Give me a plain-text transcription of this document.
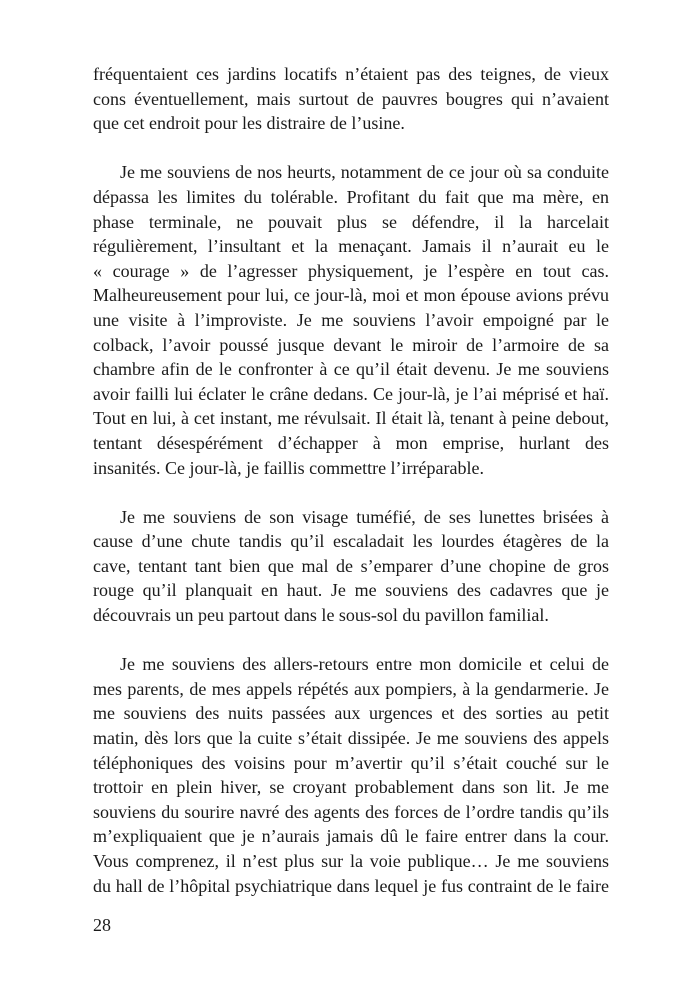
fréquentaient ces jardins locatifs n’étaient pas des teignes, de vieux
cons éventuellement, mais surtout de pauvres bougres qui n’avaient
que cet endroit pour les distraire de l’usine.
Je me souviens de nos heurts, notamment de ce jour où sa conduite
dépassa les limites du tolérable. Profitant du fait que ma mère, en
phase terminale, ne pouvait plus se défendre, il la harcelait
régulièrement, l’insultant et la menaçant. Jamais il n’aurait eu le
« courage » de l’agresser physiquement, je l’espère en tout cas.
Malheureusement pour lui, ce jour-là, moi et mon épouse avions prévu
une visite à l’improviste. Je me souviens l’avoir empoigné par le
colback, l’avoir poussé jusque devant le miroir de l’armoire de sa
chambre afin de le confronter à ce qu’il était devenu. Je me souviens
avoir failli lui éclater le crâne dedans. Ce jour-là, je l’ai méprisé et haï.
Tout en lui, à cet instant, me révulsait. Il était là, tenant à peine debout,
tentant désespérément d’échapper à mon emprise, hurlant des
insanités. Ce jour-là, je faillis commettre l’irréparable.
Je me souviens de son visage tuméfié, de ses lunettes brisées à
cause d’une chute tandis qu’il escaladait les lourdes étagères de la
cave, tentant tant bien que mal de s’emparer d’une chopine de gros
rouge qu’il planquait en haut. Je me souviens des cadavres que je
découvrais un peu partout dans le sous-sol du pavillon familial.
Je me souviens des allers-retours entre mon domicile et celui de
mes parents, de mes appels répétés aux pompiers, à la gendarmerie. Je
me souviens des nuits passées aux urgences et des sorties au petit
matin, dès lors que la cuite s’était dissipée. Je me souviens des appels
téléphoniques des voisins pour m’avertir qu’il s’était couché sur le
trottoir en plein hiver, se croyant probablement dans son lit. Je me
souviens du sourire navré des agents des forces de l’ordre tandis qu’ils
m’expliquaient que je n’aurais jamais dû le faire entrer dans la cour.
Vous comprenez, il n’est plus sur la voie publique… Je me souviens
du hall de l’hôpital psychiatrique dans lequel je fus contraint de le faire
28
